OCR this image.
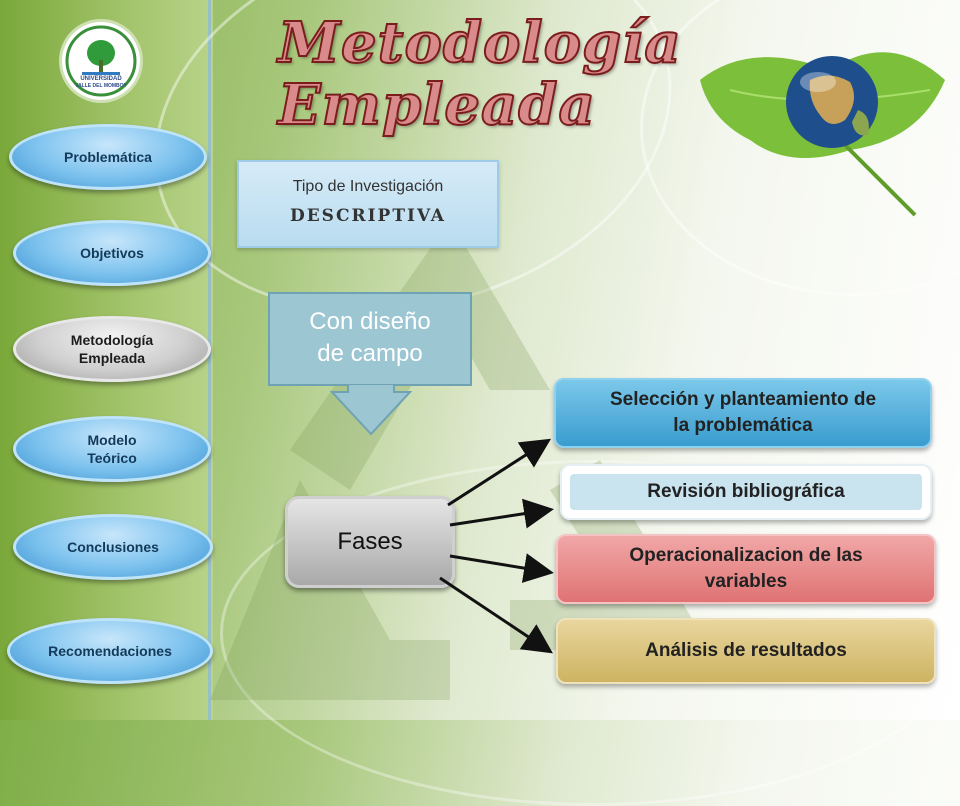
UNIVERSIDAD
VALLE DEL MOMBOY
Problemática
Objetivos
Metodología
Empleada
Modelo
Teórico
Conclusiones
Recomendaciones
Metodología
Empleada
Tipo de Investigación
DESCRIPTIVA
Con diseño
de campo
Fases
Selección y planteamiento de
la problemática
Revisión bibliográfica
Operacionalizacion de las
variables
Análisis de resultados
